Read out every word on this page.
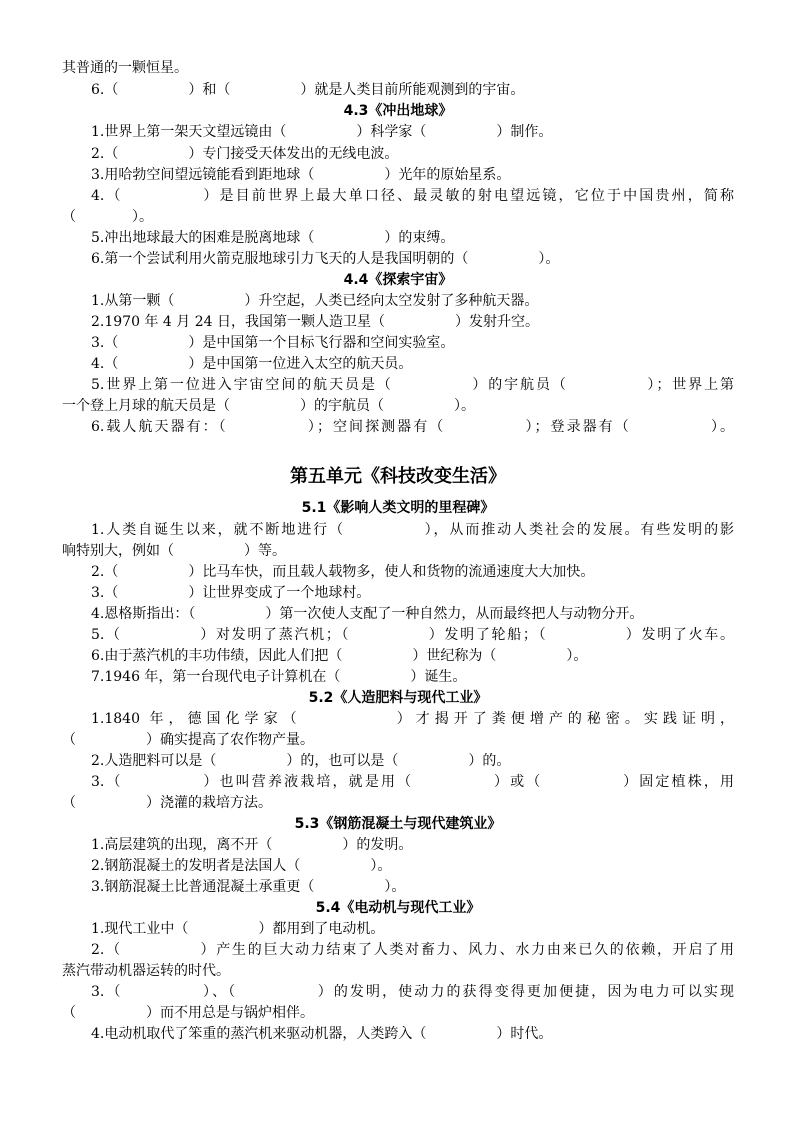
其普通的一颗恒星。
6.（　　　　　）和（　　　　　）就是人类目前所能观测到的宇宙。
4.3《冲出地球》
1.世界上第一架天文望远镜由（　　　　　）科学家（　　　　　）制作。
2.（　　　　　）专门接受天体发出的无线电波。
3.用哈勃空间望远镜能看到距地球（　　　　　）光年的原始星系。
4.（　　　　　）是目前世界上最大单口径、最灵敏的射电望远镜，它位于中国贵州，简称
（　　　　）。
5.冲出地球最大的困难是脱离地球（　　　　　）的束缚。
6.第一个尝试利用火箭克服地球引力飞天的人是我国明朝的（　　　　　）。
4.4《探索宇宙》
1.从第一颗（　　　　　）升空起，人类已经向太空发射了多种航天器。
2.1970 年 4 月 24 日，我国第一颗人造卫星（　　　　　）发射升空。
3.（　　　　　）是中国第一个目标飞行器和空间实验室。
4.（　　　　　）是中国第一位进入太空的航天员。
5.世界上第一位进入宇宙空间的航天员是（　　　　　）的宇航员（　　　　　）；世界上第
一个登上月球的航天员是（　　　　　）的宇航员（　　　　　）。
6.载人航天器有：（　　　　　）；空间探测器有（　　　　　）；登录器有（　　　　　）。
第五单元《科技改变生活》
5.1《影响人类文明的里程碑》
1.人类自诞生以来，就不断地进行（　　　　　），从而推动人类社会的发展。有些发明的影
响特别大，例如（　　　　　）等。
2.（　　　　　）比马车快，而且载人载物多，使人和货物的流通速度大大加快。
3.（　　　　　）让世界变成了一个地球村。
4.恩格斯指出：（　　　　　）第一次使人支配了一种自然力，从而最终把人与动物分开。
5.（　　　　　）对发明了蒸汽机；（　　　　　）发明了轮船；（　　　　　）发明了火车。
6.由于蒸汽机的丰功伟绩，因此人们把（　　　　　）世纪称为（　　　　　）。
7.1946 年，第一台现代电子计算机在（　　　　　）诞生。
5.2《人造肥料与现代工业》
1.1840 年，德国化学家（　　　　　）才揭开了粪便增产的秘密。实践证明，
（　　　　　）确实提高了农作物产量。
2.人造肥料可以是（　　　　　）的，也可以是（　　　　　）的。
3.（　　　　　）也叫营养液栽培，就是用（　　　　　）或（　　　　　）固定植株，用
（　　　　　）浇灌的栽培方法。
5.3《钢筋混凝土与现代建筑业》
1.高层建筑的出现，离不开（　　　　　）的发明。
2.钢筋混凝土的发明者是法国人（　　　　　）。
3.钢筋混凝土比普通混凝土承重更（　　　　　）。
5.4《电动机与现代工业》
1.现代工业中（　　　　　）都用到了电动机。
2.（　　　　　）产生的巨大动力结束了人类对畜力、风力、水力由来已久的依赖，开启了用
蒸汽带动机器运转的时代。
3.（　　　　　）、（　　　　　）的发明，使动力的获得变得更加便捷，因为电力可以实现
（　　　　　）而不用总是与锅炉相伴。
4.电动机取代了笨重的蒸汽机来驱动机器，人类跨入（　　　　　）时代。
